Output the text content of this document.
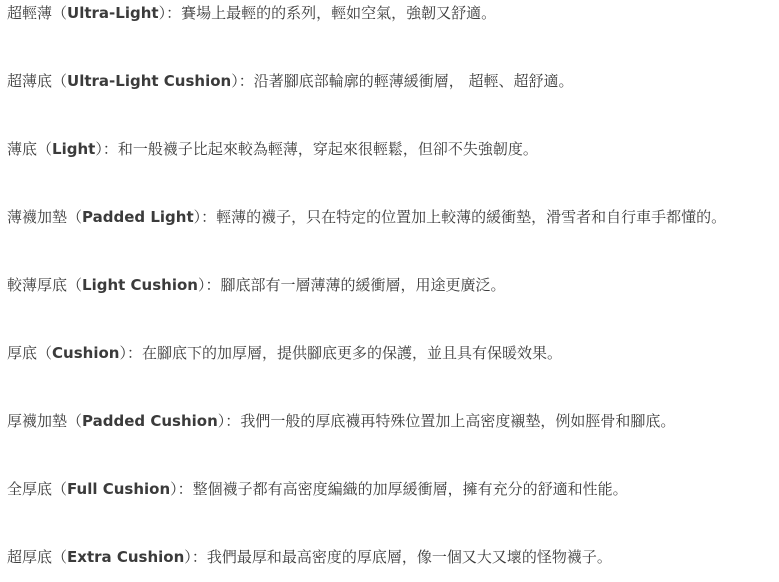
超輕薄（Ultra-Light）：賽場上最輕的的系列，輕如空氣，強韌又舒適。

超薄底（Ultra-Light Cushion）：沿著腳底部輪廓的輕薄緩衝層， 超輕、超舒適。

薄底（Light）：和一般襪子比起來較為輕薄，穿起來很輕鬆，但卻不失強韌度。

薄襪加墊（Padded Light）：輕薄的襪子，只在特定的位置加上較薄的緩衝墊，滑雪者和自行車手都懂的。

較薄厚底（Light Cushion）：腳底部有一層薄薄的緩衝層，用途更廣泛。

厚底（Cushion）：在腳底下的加厚層，提供腳底更多的保護，並且具有保暖效果。

厚襪加墊（Padded Cushion）：我們一般的厚底襪再特殊位置加上高密度襯墊，例如脛骨和腳底。

全厚底（Full Cushion）：整個襪子都有高密度編織的加厚緩衝層，擁有充分的舒適和性能。

超厚底（Extra Cushion）：我們最厚和最高密度的厚底層，像一個又大又壞的怪物襪子。
